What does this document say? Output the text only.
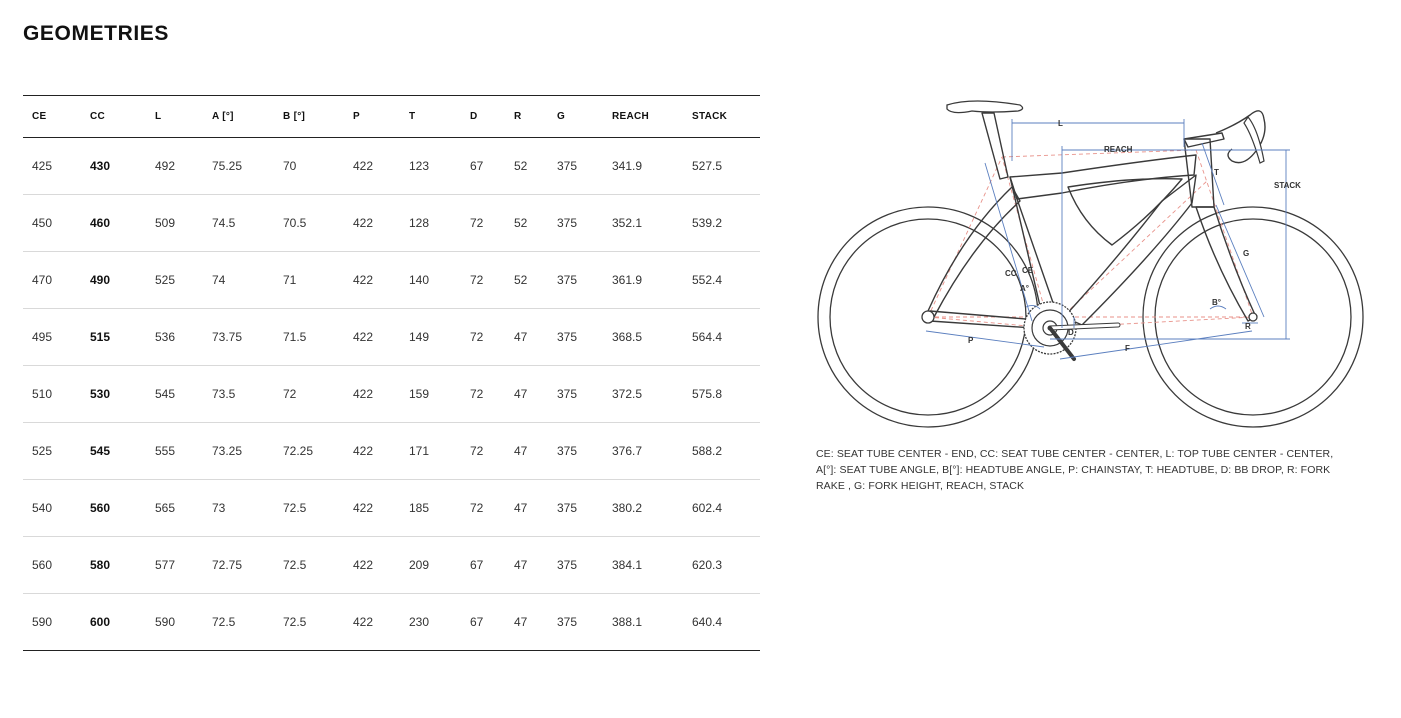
GEOMETRIES
CE	CC	L	A [°]	B [°]	P	T	D	R	G	REACH	STACK
425	430	492	75.25	70	422	123	67	52	375	341.9	527.5
450	460	509	74.5	70.5	422	128	72	52	375	352.1	539.2
470	490	525	74	71	422	140	72	52	375	361.9	552.4
495	515	536	73.75	71.5	422	149	72	47	375	368.5	564.4
510	530	545	73.5	72	422	159	72	47	375	372.5	575.8
525	545	555	73.25	72.25	422	171	72	47	375	376.7	588.2
540	560	565	73	72.5	422	185	72	47	375	380.2	602.4
560	580	577	72.75	72.5	422	209	67	47	375	384.1	620.3
590	600	590	72.5	72.5	422	230	67	47	375	388.1	640.4
L
REACH
STACK
T
G
CC CE
A°
B°
D
R
P
F

CE: SEAT TUBE CENTER - END, CC: SEAT TUBE CENTER - CENTER, L: TOP TUBE CENTER - CENTER, A[°]: SEAT TUBE ANGLE, B[°]: HEADTUBE ANGLE, P: CHAINSTAY, T: HEADTUBE, D: BB DROP, R: FORK RAKE , G: FORK HEIGHT, REACH, STACK
